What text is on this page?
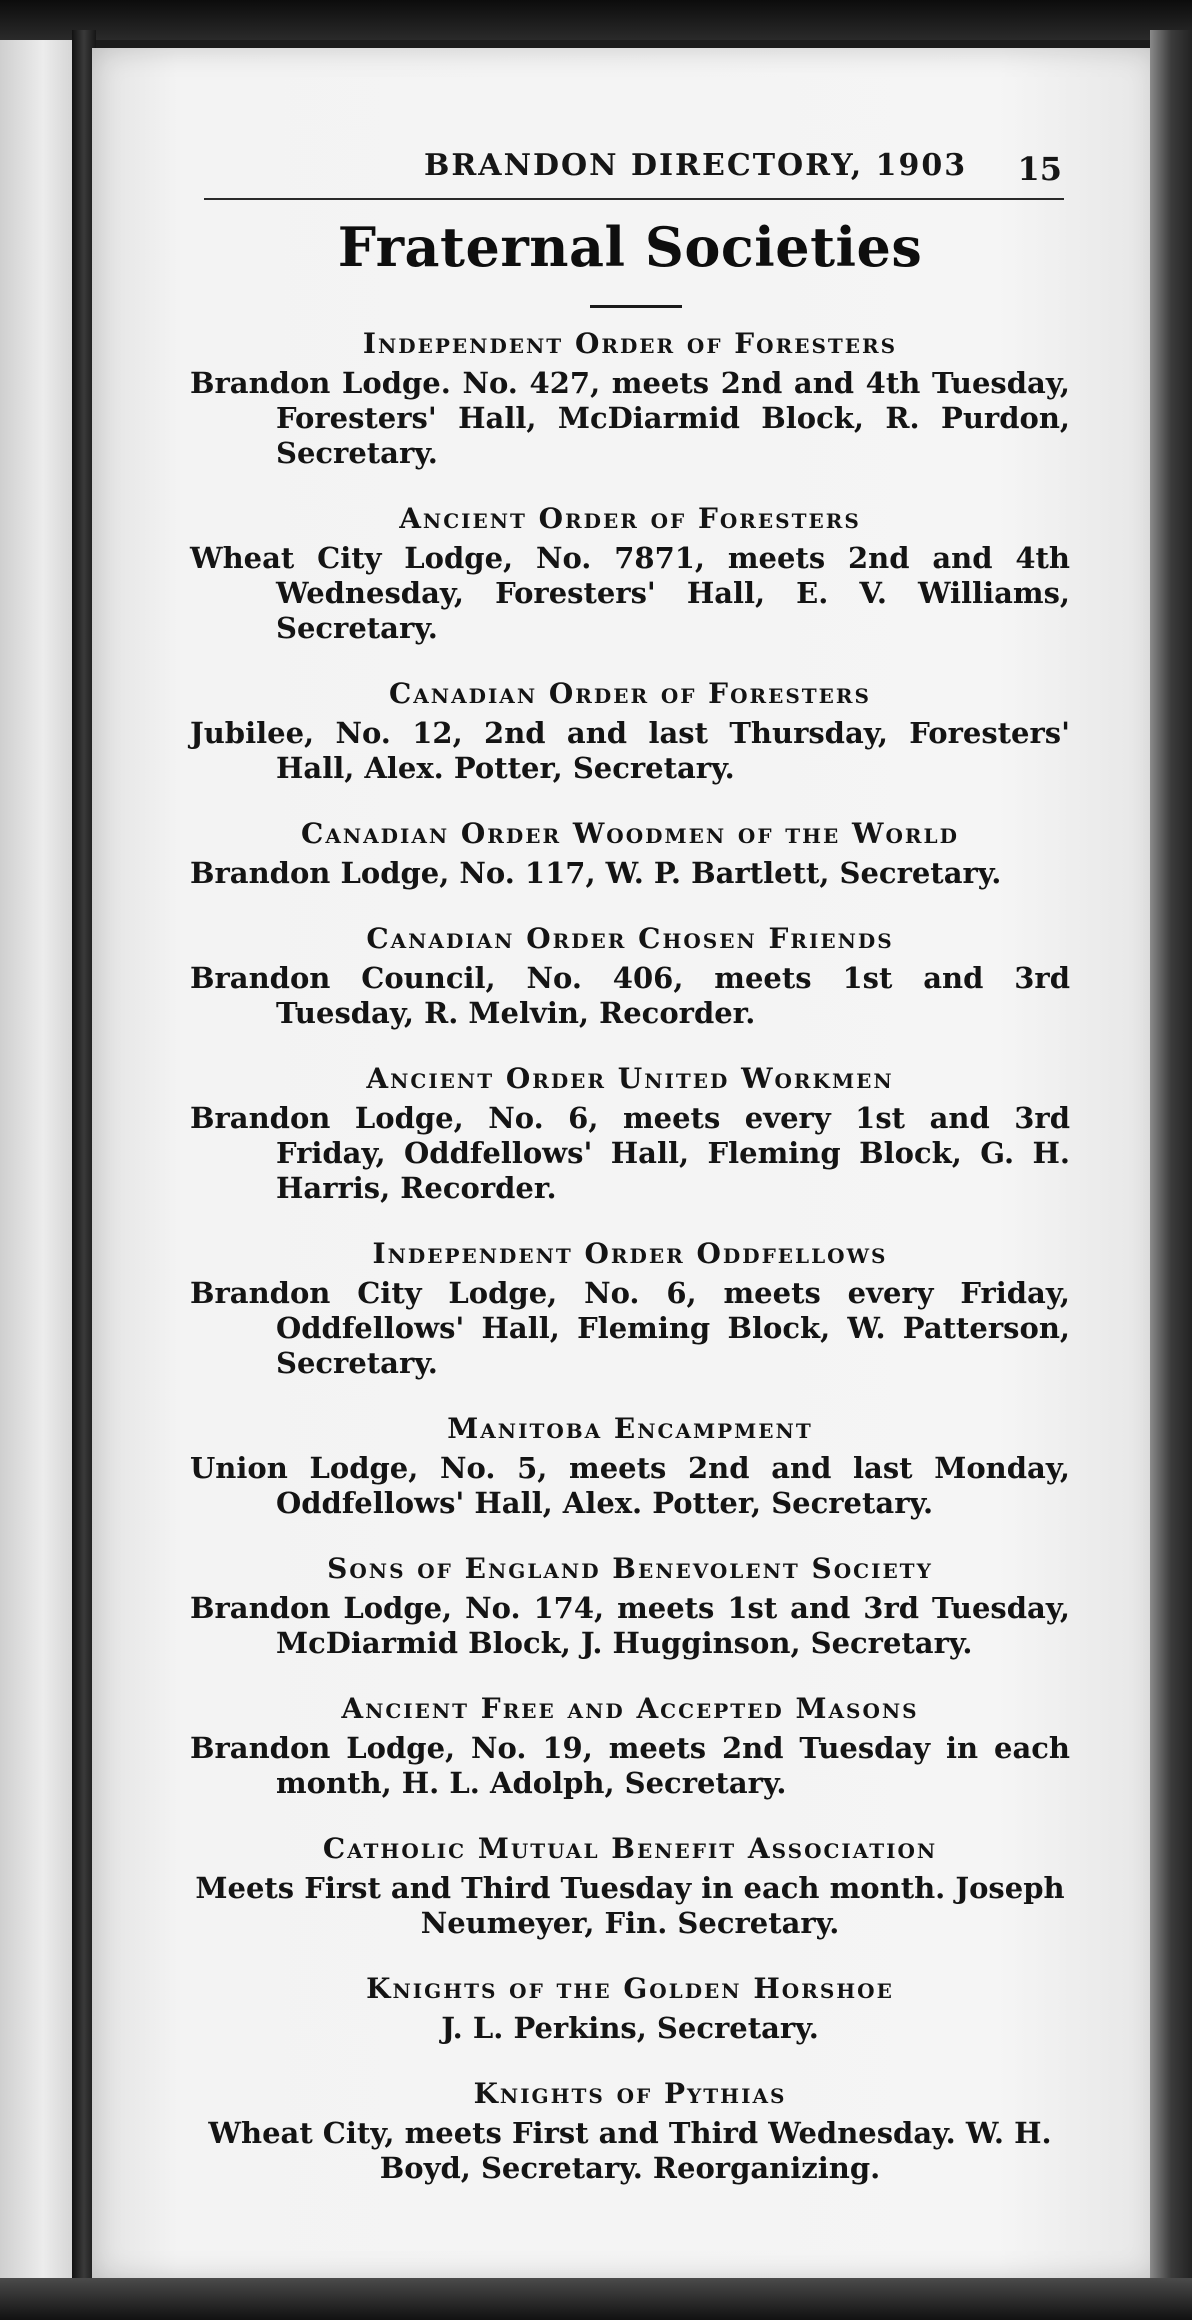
BRANDON DIRECTORY, 1903 15
Fraternal Societies
Independent Order of Foresters
Brandon Lodge. No. 427, meets 2nd and 4th Tuesday, Foresters' Hall, McDiarmid Block, R. Purdon, Secretary.
Ancient Order of Foresters
Wheat City Lodge, No. 7871, meets 2nd and 4th Wednesday, Foresters' Hall, E. V. Williams, Secretary.
Canadian Order of Foresters
Jubilee, No. 12, 2nd and last Thursday, Foresters' Hall, Alex. Potter, Secretary.
Canadian Order Woodmen of the World
Brandon Lodge, No. 117, W. P. Bartlett, Secretary.
Canadian Order Chosen Friends
Brandon Council, No. 406, meets 1st and 3rd Tuesday, R. Melvin, Recorder.
Ancient Order United Workmen
Brandon Lodge, No. 6, meets every 1st and 3rd Friday, Oddfellows' Hall, Fleming Block, G. H. Harris, Recorder.
Independent Order Oddfellows
Brandon City Lodge, No. 6, meets every Friday, Oddfellows' Hall, Fleming Block, W. Patterson, Secretary.
Manitoba Encampment
Union Lodge, No. 5, meets 2nd and last Monday, Oddfellows' Hall, Alex. Potter, Secretary.
Sons of England Benevolent Society
Brandon Lodge, No. 174, meets 1st and 3rd Tuesday, McDiarmid Block, J. Hugginson, Secretary.
Ancient Free and Accepted Masons
Brandon Lodge, No. 19, meets 2nd Tuesday in each month, H. L. Adolph, Secretary.
Catholic Mutual Benefit Association
Meets First and Third Tuesday in each month. Joseph Neumeyer, Fin. Secretary.
Knights of the Golden Horshoe
J. L. Perkins, Secretary.
Knights of Pythias
Wheat City, meets First and Third Wednesday. W. H. Boyd, Secretary. Reorganizing.
